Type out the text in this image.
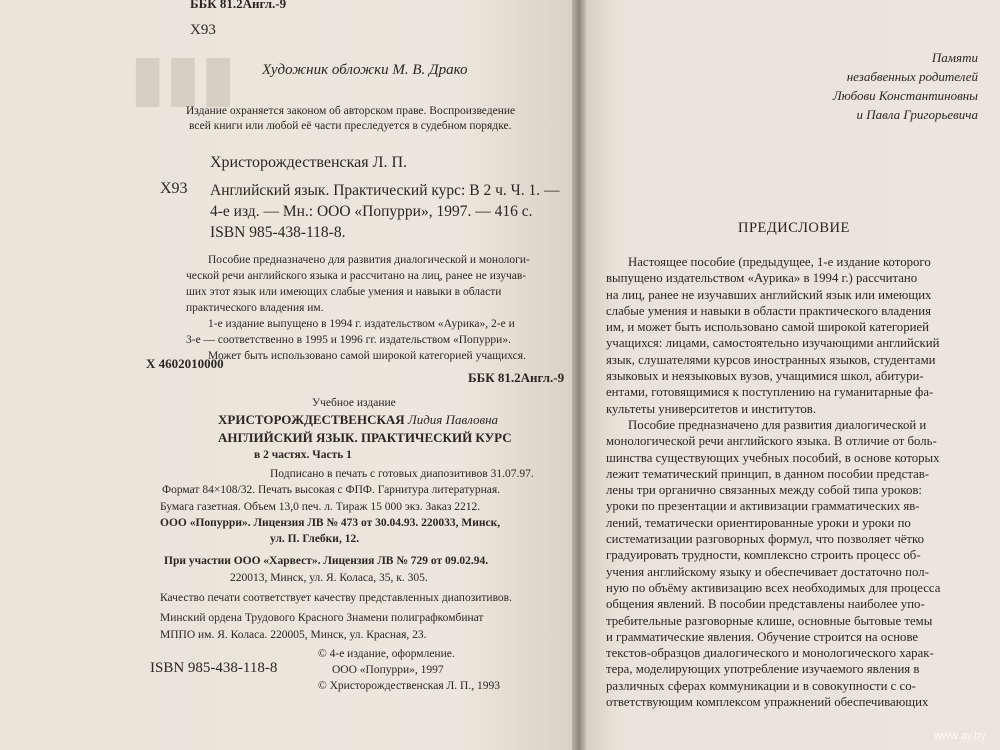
▮▮▮
ББК 81.2Англ.-9
Х93
Художник обложки М. В. Драко
Издание охраняется законом об авторском праве. Воспроизведение
всей книги или любой её части преследуется в судебном порядке.
Христорождественская Л. П.
Х93 Английский язык. Практический курс: В 2 ч. Ч. 1. —
4-е изд. — Мн.: ООО «Попурри», 1997. — 416 с.
ISBN 985-438-118-8.
Пособие предназначено для развития диалогической и монологи-
ческой речи английского языка и рассчитано на лиц, ранее не изучав-
ших этот язык или имеющих слабые умения и навыки в области
практического владения им.
1-е издание выпущено в 1994 г. издательством «Аурика», 2-е и
3-е — соответственно в 1995 и 1996 гг. издательством «Попурри».
Может быть использовано самой широкой категорией учащихся.
Х 4602010000
ББК 81.2Англ.-9
Учебное издание
ХРИСТОРОЖДЕСТВЕНСКАЯ Лидия Павловна
АНГЛИЙСКИЙ ЯЗЫК. ПРАКТИЧЕСКИЙ КУРС
в 2 частях. Часть 1
Подписано в печать с готовых диапозитивов 31.07.97.
Формат 84×108/32. Печать высокая с ФПФ. Гарнитура литературная.
Бумага газетная. Объем 13,0 печ. л. Тираж 15 000 экз. Заказ 2212.
ООО «Попурри». Лицензия ЛВ № 473 от 30.04.93. 220033, Минск,
ул. П. Глебки, 12.
При участии ООО «Харвест». Лицензия ЛВ № 729 от 09.02.94.
220013, Минск, ул. Я. Коласа, 35, к. 305.
Качество печати соответствует качеству представленных диапозитивов.
Минский ордена Трудового Красного Знамени полиграфкомбинат
МППО им. Я. Коласа. 220005, Минск, ул. Красная, 23.
ISBN 985-438-118-8
© 4-е издание, оформление.
ООО «Попурри», 1997
© Христорождественская Л. П., 1993
Памяти
незабвенных родителей
Любови Константиновны
и Павла Григорьевича
ПРЕДИСЛОВИЕ
Настоящее пособие (предыдущее, 1-е издание которого
выпущено издательством «Аурика» в 1994 г.) рассчитано
на лиц, ранее не изучавших английский язык или имеющих
слабые умения и навыки в области практического владения
им, и может быть использовано самой широкой категорией
учащихся: лицами, самостоятельно изучающими английский
язык, слушателями курсов иностранных языков, студентами
языковых и неязыковых вузов, учащимися школ, абитури-
ентами, готовящимися к поступлению на гуманитарные фа-
культеты университетов и институтов.
Пособие предназначено для развития диалогической и
монологической речи английского языка. В отличие от боль-
шинства существующих учебных пособий, в основе которых
лежит тематический принцип, в данном пособии представ-
лены три органично связанных между собой типа уроков:
уроки по презентации и активизации грамматических яв-
лений, тематически ориентированные уроки и уроки по
систематизации разговорных формул, что позволяет чётко
градуировать трудности, комплексно строить процесс об-
учения английскому языку и обеспечивает достаточно пол-
ную по объёму активизацию всех необходимых для процесса
общения явлений. В пособии представлены наиболее упо-
требительные разговорные клише, основные бытовые темы
и грамматические явления. Обучение строится на основе
текстов-образцов диалогического и монологического харак-
тера, моделирующих употребление изучаемого явления в
различных сферах коммуникации и в совокупности с со-
ответствующим комплексом упражнений обеспечивающих
www.ay.by
